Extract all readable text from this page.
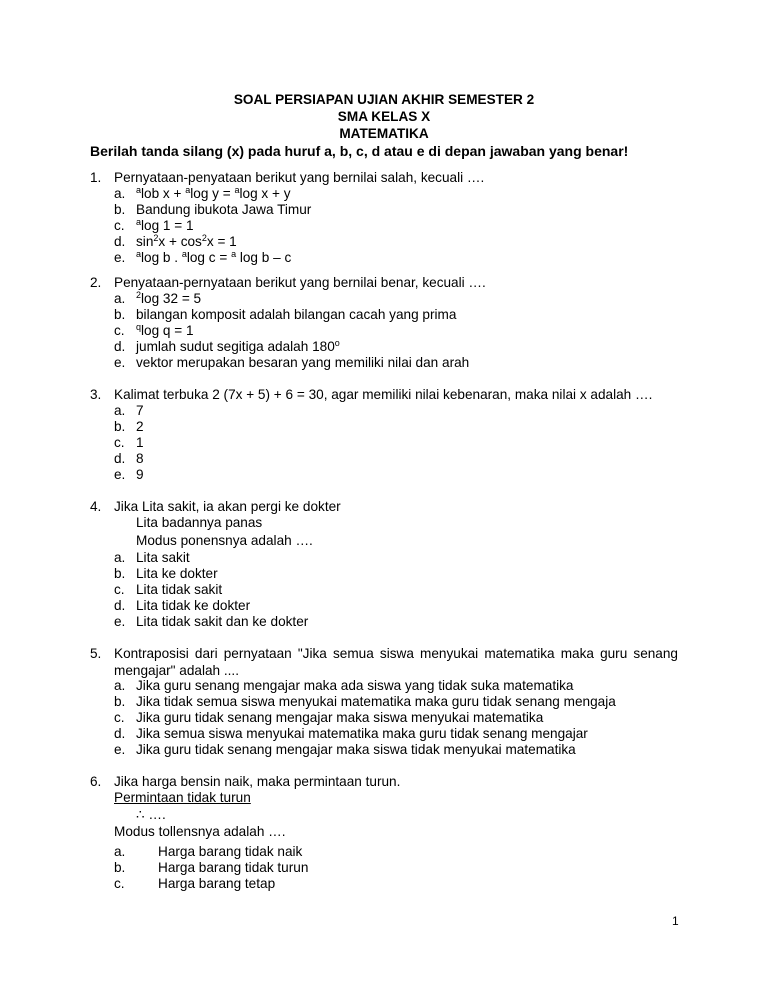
SOAL PERSIAPAN UJIAN AKHIR SEMESTER 2
SMA KELAS X
MATEMATIKA
Berilah tanda silang (x) pada huruf a, b, c, d atau e di depan jawaban yang benar!
1. Pernyataan-penyataan berikut yang bernilai salah, kecuali ….
a.	$^a$lob x + $^a$log y = $^a$log x + y
b. Bandung ibukota Jawa Timur
c.	$^a$log 1 = 1
d. $\sin^2x + \cos^2x = 1$
e.	$^a$log b . $^a$log c = $^a$ log b – c
2. Penyataan-pernyataan berikut yang bernilai benar, kecuali ….
a.	$^2$log 32 = 5
b. bilangan komposit adalah bilangan cacah yang prima
c.	$^q$log q = 1
d. jumlah sudut segitiga adalah 180$^o$
e. vektor merupakan besaran yang memiliki nilai dan arah
3. Kalimat terbuka 2 (7x + 5) + 6 = 30, agar memiliki nilai kebenaran, maka nilai x adalah ….
a. 7
b. 2
c. 1
d. 8
e. 9
4. Jika Lita sakit, ia akan pergi ke dokter
Lita badannya panas
Modus ponensnya adalah ….
a. Lita sakit
b. Lita ke dokter
c. Lita tidak sakit
d. Lita tidak ke dokter
e. Lita tidak sakit dan ke dokter
5. Kontraposisi dari pernyataan "Jika semua siswa menyukai matematika maka guru senang mengajar" adalah ....
a. Jika guru senang mengajar maka ada siswa yang tidak suka matematika
b. Jika tidak semua siswa menyukai matematika maka guru tidak senang mengaja
c. Jika guru tidak senang mengajar maka siswa menyukai matematika
d. Jika semua siswa menyukai matematika maka guru tidak senang mengajar
e. Jika guru tidak senang mengajar maka siswa tidak menyukai matematika
6. Jika harga bensin naik, maka permintaan turun.
Permintaan tidak turun
∴ ….
Modus tollensnya adalah ….
a.	Harga barang tidak naik
b.	Harga barang tidak turun
c.	Harga barang tetap
1
